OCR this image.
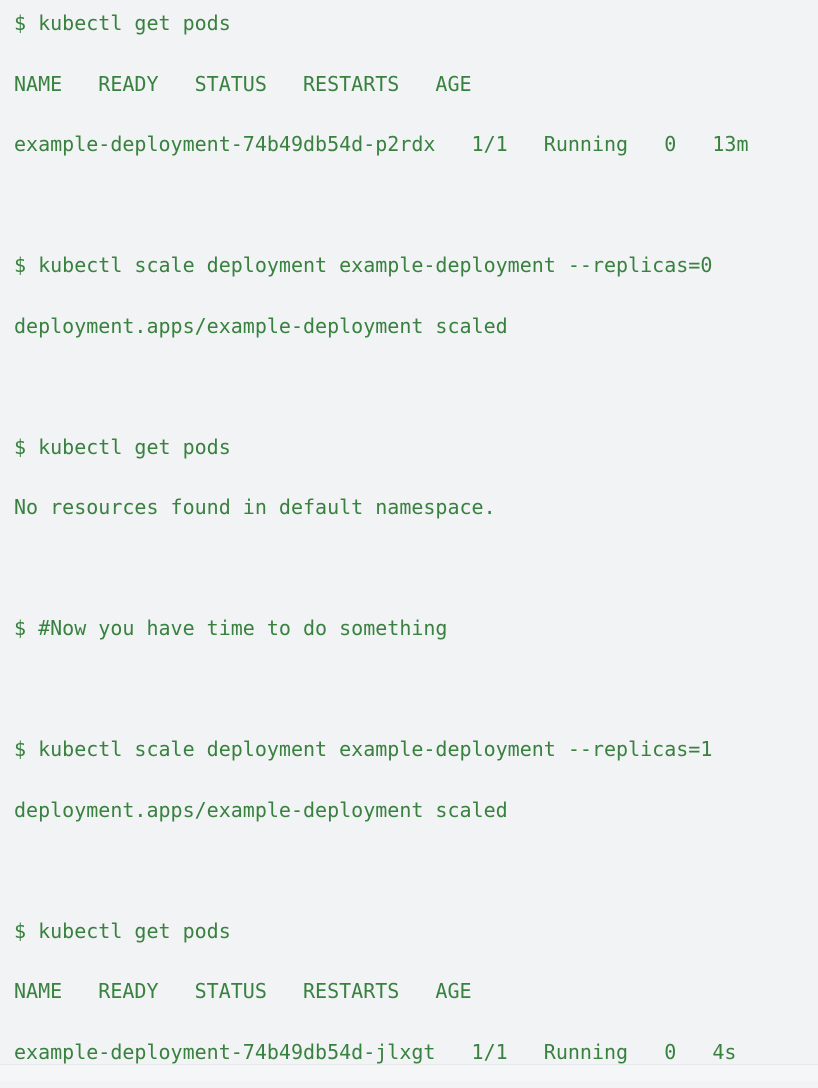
$ kubectl get pods
NAME   READY   STATUS   RESTARTS   AGE
example-deployment-74b49db54d-p2rdx   1/1   Running   0   13m
$ kubectl scale deployment example-deployment --replicas=0
deployment.apps/example-deployment scaled
$ kubectl get pods
No resources found in default namespace.
$ #Now you have time to do something
$ kubectl scale deployment example-deployment --replicas=1
deployment.apps/example-deployment scaled
$ kubectl get pods
NAME   READY   STATUS   RESTARTS   AGE
example-deployment-74b49db54d-jlxgt   1/1   Running   0   4s
